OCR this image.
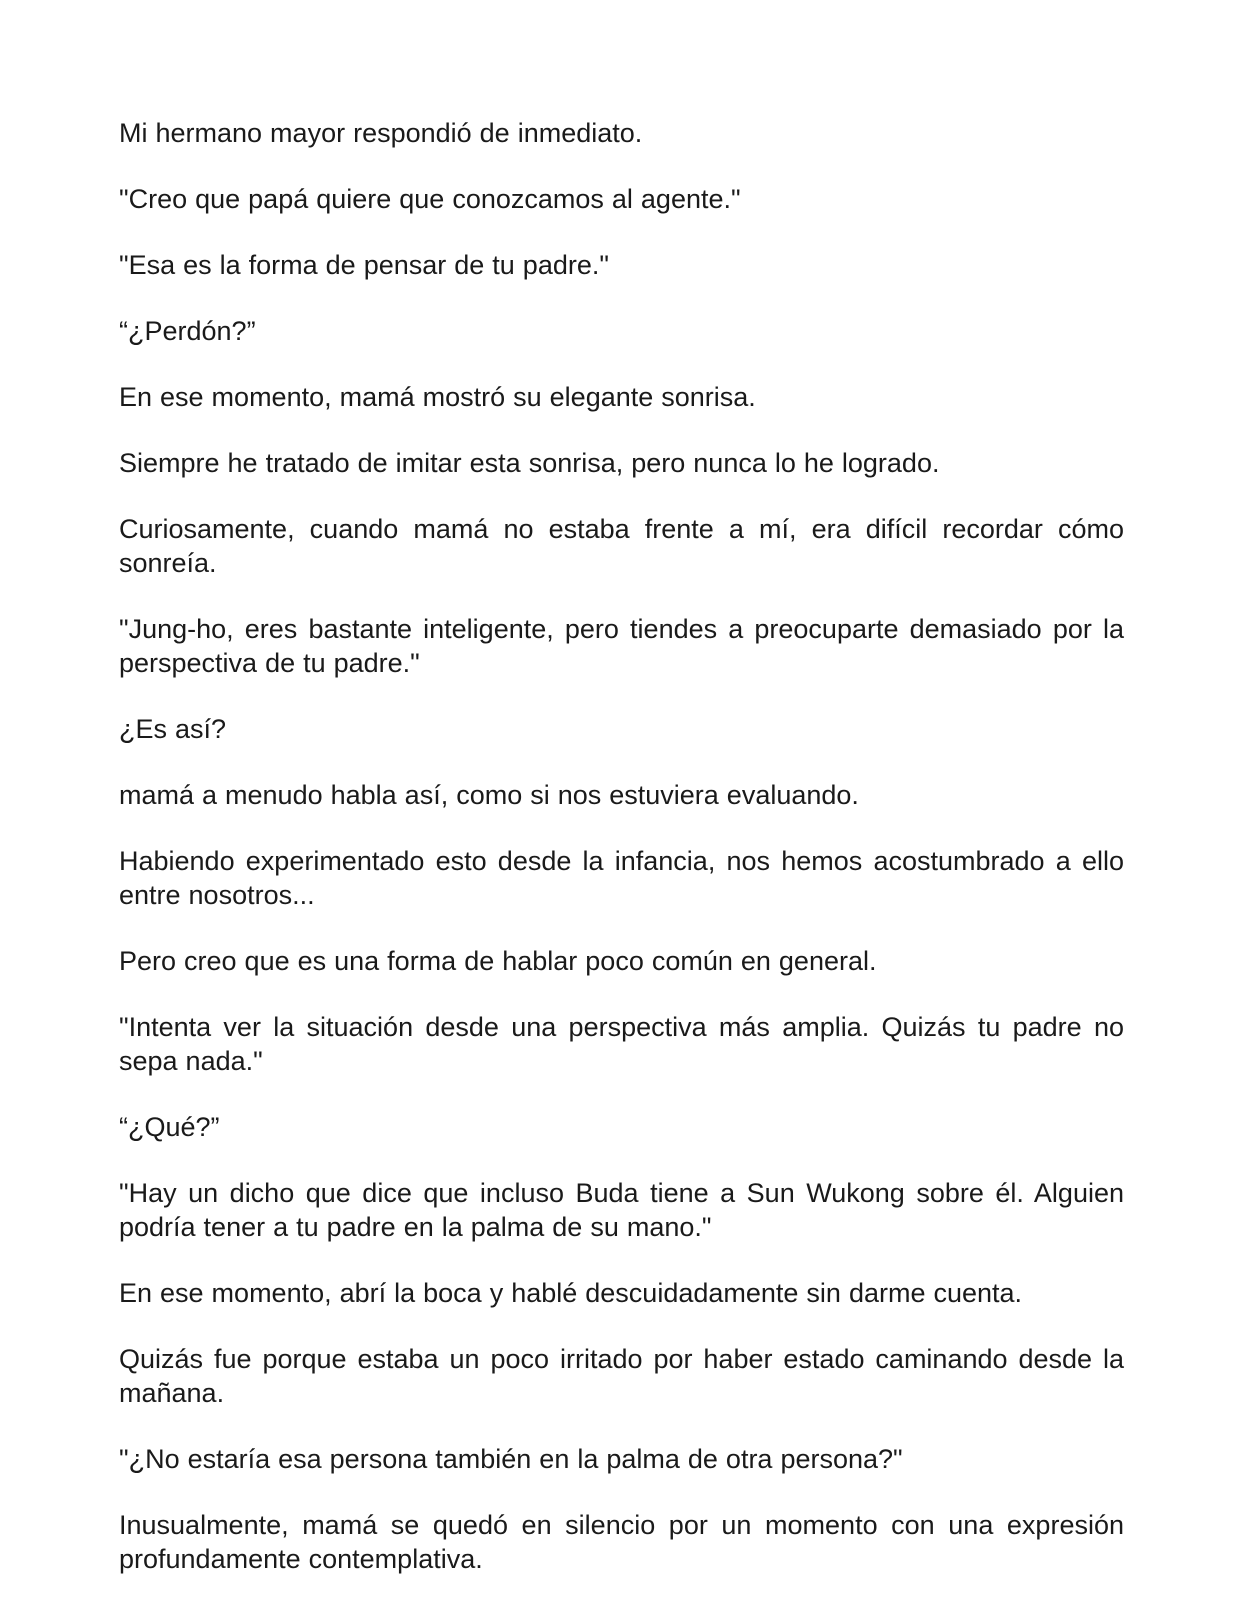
Mi hermano mayor respondió de inmediato.

"Creo que papá quiere que conozcamos al agente."

"Esa es la forma de pensar de tu padre."

“¿Perdón?”

En ese momento, mamá mostró su elegante sonrisa.

Siempre he tratado de imitar esta sonrisa, pero nunca lo he logrado.

Curiosamente, cuando mamá no estaba frente a mí, era difícil recordar cómo sonreía.

"Jung-ho, eres bastante inteligente, pero tiendes a preocuparte demasiado por la perspectiva de tu padre."

¿Es así?

mamá a menudo habla así, como si nos estuviera evaluando.

Habiendo experimentado esto desde la infancia, nos hemos acostumbrado a ello entre nosotros...

Pero creo que es una forma de hablar poco común en general.

"Intenta ver la situación desde una perspectiva más amplia. Quizás tu padre no sepa nada."

“¿Qué?”

"Hay un dicho que dice que incluso Buda tiene a Sun Wukong sobre él. Alguien podría tener a tu padre en la palma de su mano."

En ese momento, abrí la boca y hablé descuidadamente sin darme cuenta.

Quizás fue porque estaba un poco irritado por haber estado caminando desde la mañana.

"¿No estaría esa persona también en la palma de otra persona?"

Inusualmente, mamá se quedó en silencio por un momento con una expresión profundamente contemplativa.
